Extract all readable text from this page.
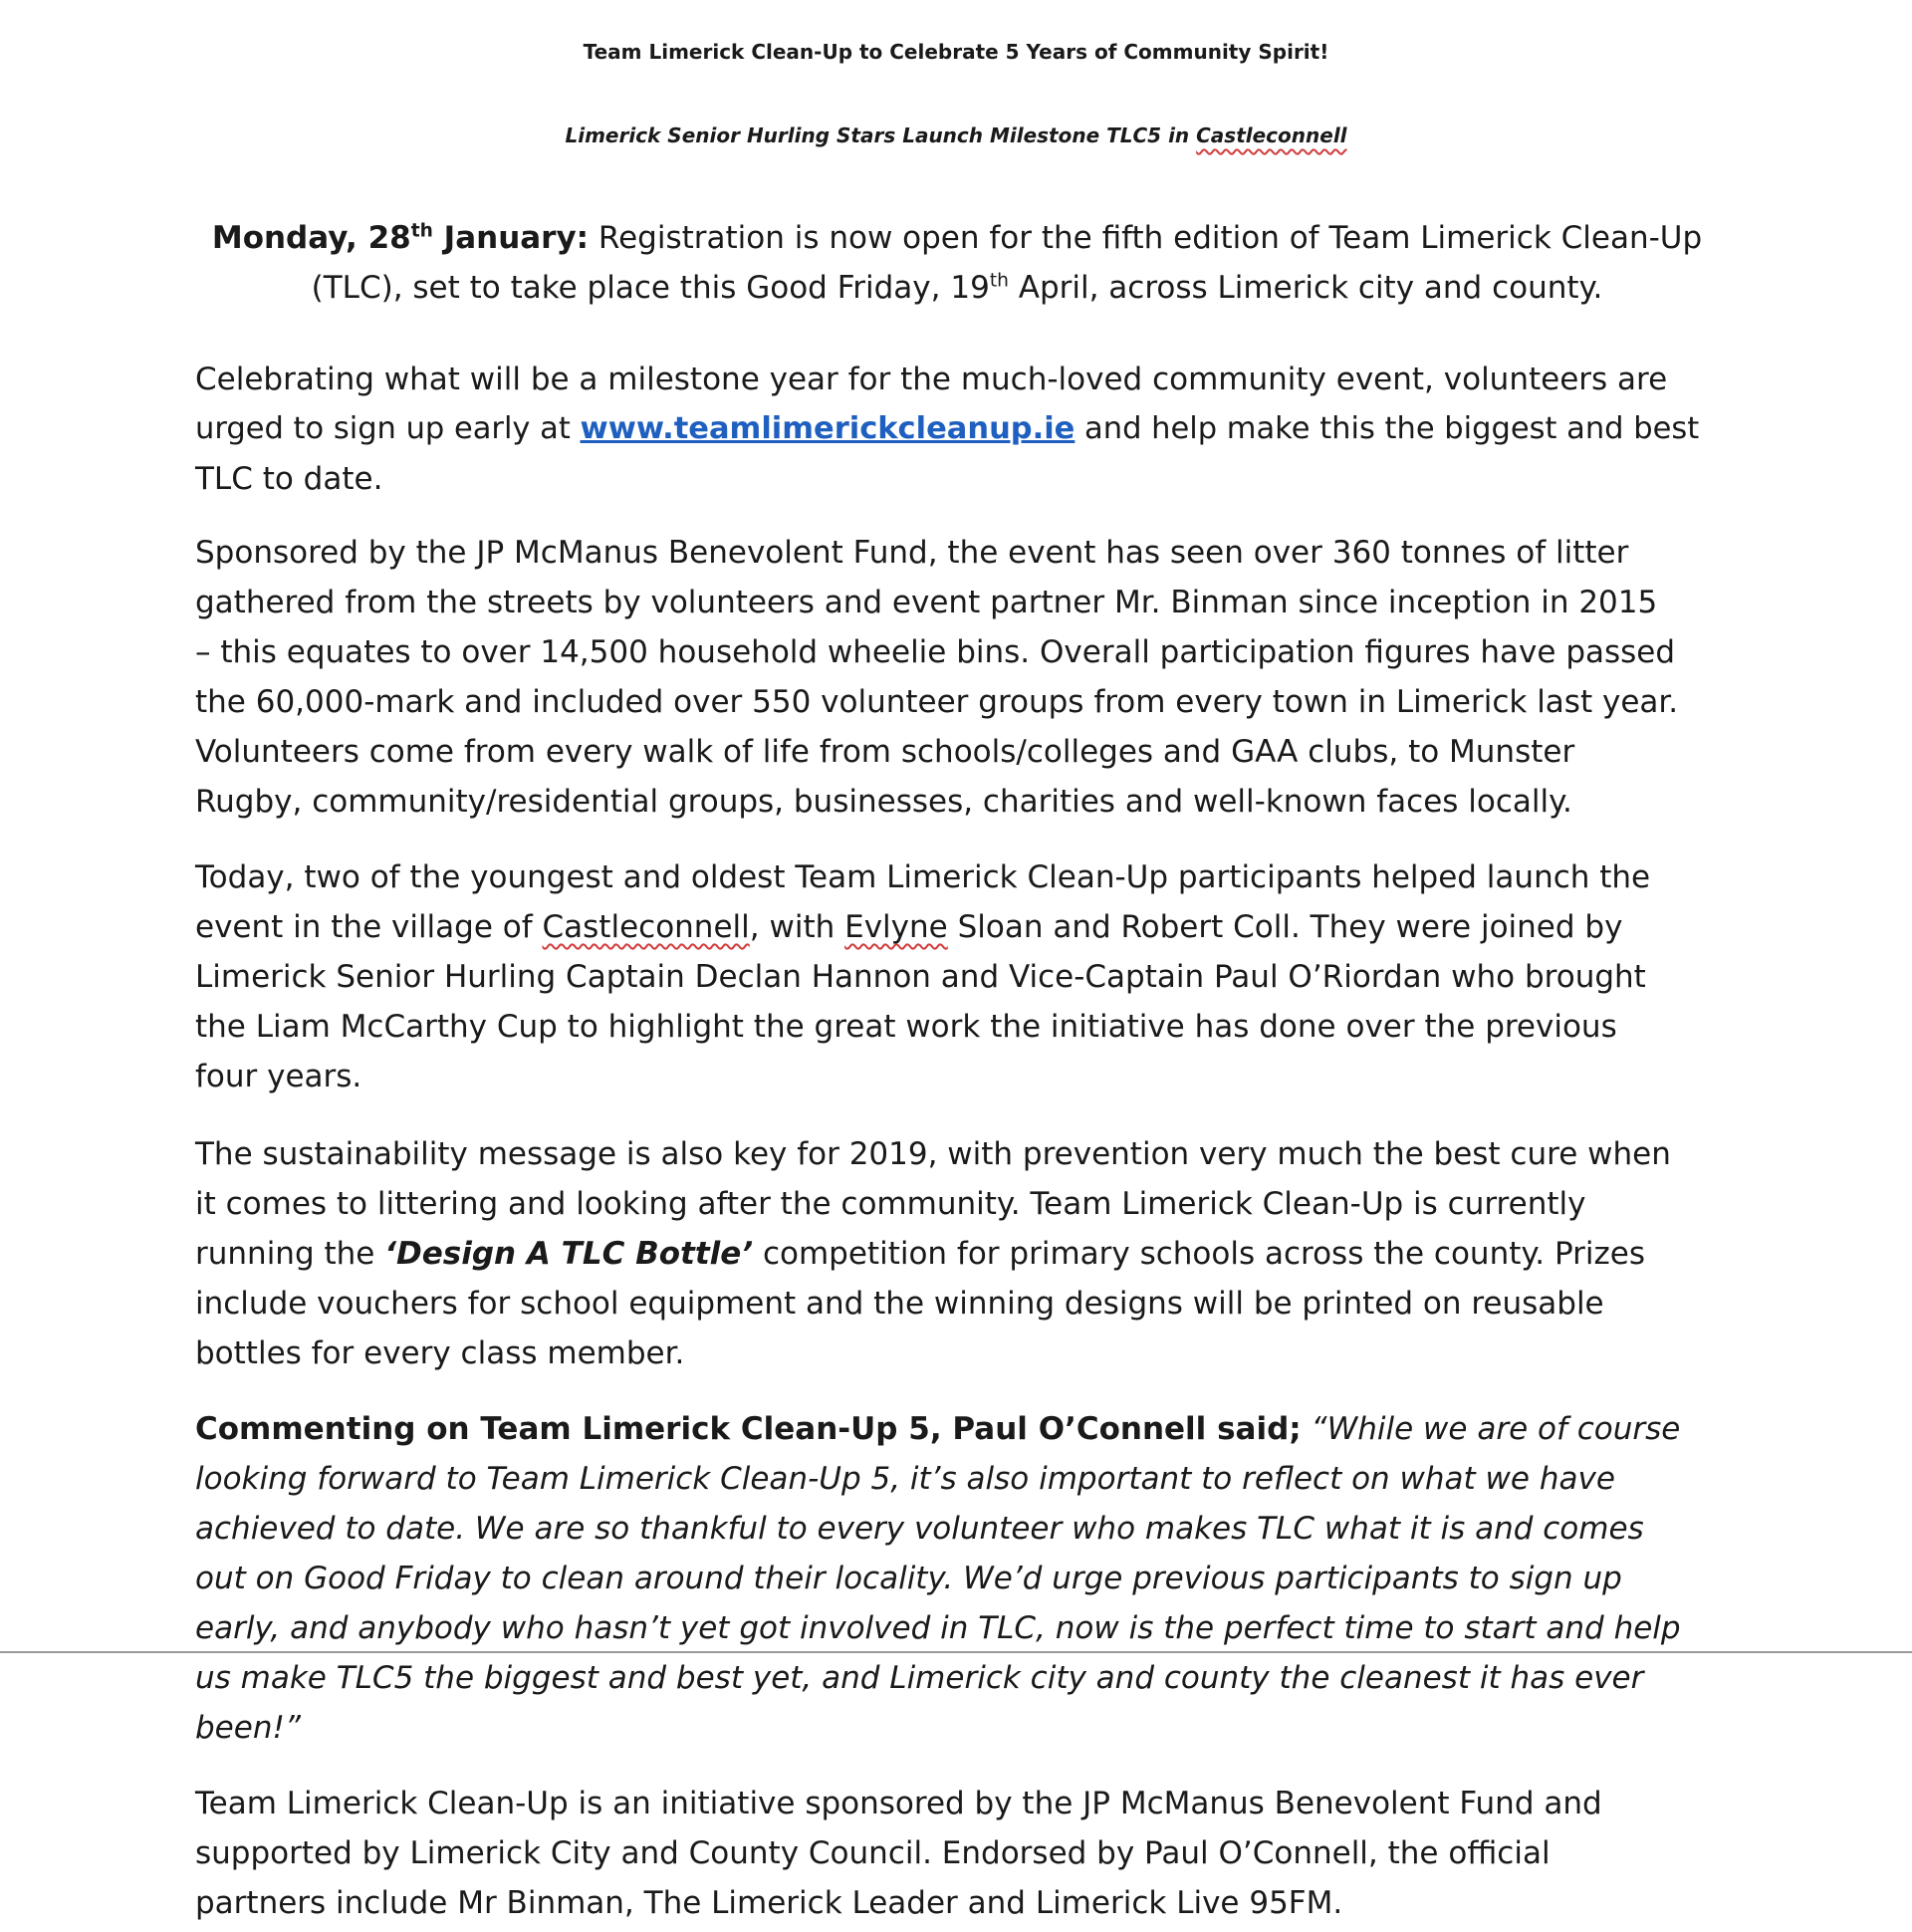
Team Limerick Clean-Up to Celebrate 5 Years of Community Spirit!
Limerick Senior Hurling Stars Launch Milestone TLC5 in Castleconnell

Monday, 28th January: Registration is now open for the fifth edition of Team Limerick Clean-Up
(TLC), set to take place this Good Friday, 19th April, across Limerick city and county.

Celebrating what will be a milestone year for the much-loved community event, volunteers are
urged to sign up early at www.teamlimerickcleanup.ie and help make this the biggest and best
TLC to date.

Sponsored by the JP McManus Benevolent Fund, the event has seen over 360 tonnes of litter
gathered from the streets by volunteers and event partner Mr. Binman since inception in 2015
– this equates to over 14,500 household wheelie bins. Overall participation figures have passed
the 60,000-mark and included over 550 volunteer groups from every town in Limerick last year.
Volunteers come from every walk of life from schools/colleges and GAA clubs, to Munster
Rugby, community/residential groups, businesses, charities and well-known faces locally.

Today, two of the youngest and oldest Team Limerick Clean-Up participants helped launch the
event in the village of Castleconnell, with Evlyne Sloan and Robert Coll. They were joined by
Limerick Senior Hurling Captain Declan Hannon and Vice-Captain Paul O’Riordan who brought
the Liam McCarthy Cup to highlight the great work the initiative has done over the previous
four years.

The sustainability message is also key for 2019, with prevention very much the best cure when
it comes to littering and looking after the community. Team Limerick Clean-Up is currently
running the ‘Design A TLC Bottle’ competition for primary schools across the county. Prizes
include vouchers for school equipment and the winning designs will be printed on reusable
bottles for every class member.

Commenting on Team Limerick Clean-Up 5, Paul O’Connell said; “While we are of course
looking forward to Team Limerick Clean-Up 5, it’s also important to reflect on what we have
achieved to date. We are so thankful to every volunteer who makes TLC what it is and comes
out on Good Friday to clean around their locality. We’d urge previous participants to sign up
early, and anybody who hasn’t yet got involved in TLC, now is the perfect time to start and help
us make TLC5 the biggest and best yet, and Limerick city and county the cleanest it has ever
been!”

Team Limerick Clean-Up is an initiative sponsored by the JP McManus Benevolent Fund and
supported by Limerick City and County Council. Endorsed by Paul O’Connell, the official
partners include Mr Binman, The Limerick Leader and Limerick Live 95FM.
